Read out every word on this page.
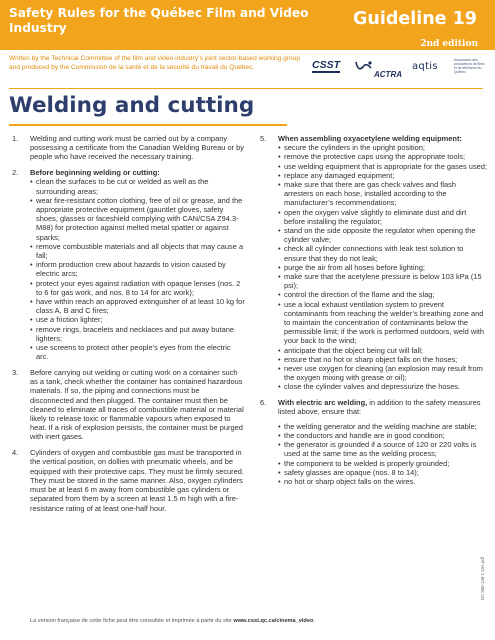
Safety Rules for the Québec Film and Video Industry	Guideline 19
2nd edition
Written by the Technical Committee of the film and video industry’s joint sector-based working group and produced by the Commission de la santé et de la sécurité du travail du Québec.	CSST
ACTRA
aqtis
Association des producteurs de films et de télévision du Québec
Welding and cutting
1. Welding and cutting work must be carried out by a company possessing a certificate from the Canadian Welding Bureau or by people who have received the necessary training.
2. Before beginning welding or cutting:
• clean the surfaces to be cut or welded as well as the surrounding areas;
• wear fire-resistant cotton clothing, free of oil or grease, and the appropriate protective equipment (gauntlet gloves, safety shoes, glasses or faceshield complying with CAN/CSA Z94.3-M88) for protection against melted metal spatter or against sparks;
• remove combustible materials and all objects that may cause a fall;
• inform production crew about hazards to vision caused by electric arcs;
• protect your eyes against radiation with opaque lenses (nos. 2 to 6 for gas work, and nos. 8 to 14 for arc work);
• have within reach an approved extinguisher of at least 10 kg for class A, B and C fires;
• use a friction lighter;
• remove rings, bracelets and necklaces and put away butane lighters;
• use screens to protect other people’s eyes from the electric arc.
3. Before carrying out welding or cutting work on a container such as a tank, check whether the container has contained hazardous materials. If so, the piping and connections must be disconnected and then plugged. The container must then be cleaned to eliminate all traces of combustible material or material likely to release toxic or flammable vapours when exposed to heat. If a risk of explosion persists, the container must be purged with inert gases.
4. Cylinders of oxygen and combustible gas must be transported in the vertical position, on dollies with pneumatic wheels, and be equipped with their protective caps. They must be firmly secured. They must be stored in the same manner. Also, oxygen cylinders must be at least 6 m away from combustible gas cylinders or separated from them by a screen at least 1.5 m high with a fire-resistance rating of at least one-half hour.
5. When assembling oxyacetylene welding equipment:
• secure the cylinders in the upright position;
• remove the protective caps using the appropriate tools;
• use welding equipment that is appropriate for the gases used;
• replace any damaged equipment;
• make sure that there are gas check valves and flash arresters on each hose, installed according to the manufacturer’s recommendations;
• open the oxygen valve slightly to eliminate dust and dirt before installing the regulator;
• stand on the side opposite the regulator when opening the cylinder valve;
• check all cylinder connections with leak test solution to ensure that they do not leak;
• purge the air from all hoses before lighting;
• make sure that the acetylene pressure is below 103 kPa (15 psi);
• control the direction of the flame and the slag;
• use a local exhaust ventilation system to prevent contaminants from reaching the welder’s breathing zone and to maintain the concentration of contaminants below the permissible limit; if the work is performed outdoors, weld with your back to the wind;
• anticipate that the object being cut will fall;
• ensure that no hot or sharp object falls on the hoses;
• never use oxygen for cleaning (an explosion may result from the oxygen mixing with grease or oil);
• close the cylinder valves and depressurize the hoses.
6. With electric arc welding, in addition to the safety measures listed above, ensure that:
• the welding generator and the welding machine are stable;
• the conductors and handle are in good condition;
• the generator is grounded if a source of 120 or 220 volts is used at the same time as the welding process;
• the component to be welded is properly grounded;
• safety glasses are opaque (nos. 8 to 14);
• no hot or sharp object falls on the wires.
La version française de cette fiche peut être consultée et imprimée à partir du site www.csst.qc.ca/cinema_video.
DC 500-136-1 19A.pdf
